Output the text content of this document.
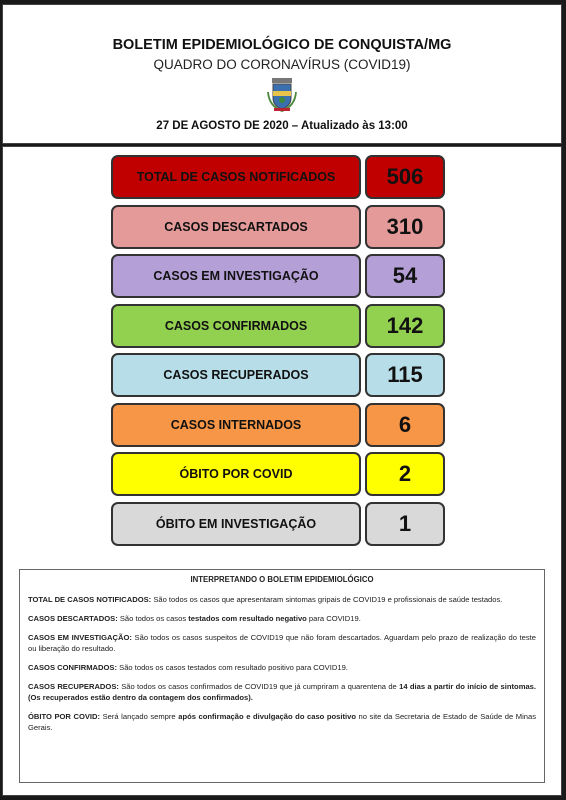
BOLETIM EPIDEMIOLÓGICO DE CONQUISTA/MG
QUADRO DO CORONAVÍRUS (COVID19)
27 DE AGOSTO DE 2020 – Atualizado às 13:00
TOTAL DE CASOS NOTIFICADOS	506
CASOS DESCARTADOS	310
CASOS EM INVESTIGAÇÃO	54
CASOS CONFIRMADOS	142
CASOS RECUPERADOS	115
CASOS INTERNADOS	6
ÓBITO POR COVID	2
ÓBITO EM INVESTIGAÇÃO	1
INTERPRETANDO O BOLETIM EPIDEMIOLÓGICO

TOTAL DE CASOS NOTIFICADOS: São todos os casos que apresentaram sintomas gripais de COVID19 e profissionais de saúde testados.

CASOS DESCARTADOS: São todos os casos testados com resultado negativo para COVID19.

CASOS EM INVESTIGAÇÃO: São todos os casos suspeitos de COVID19 que não foram descartados. Aguardam pelo prazo de realização do teste ou liberação do resultado.

CASOS CONFIRMADOS: São todos os casos testados com resultado positivo para COVID19.

CASOS RECUPERADOS: São todos os casos confirmados de COVID19 que já cumpriram a quarentena de 14 dias a partir do início de sintomas. (Os recuperados estão dentro da contagem dos confirmados).

ÓBITO POR COVID: Será lançado sempre após confirmação e divulgação do caso positivo no site da Secretaria de Estado de Saúde de Minas Gerais.
